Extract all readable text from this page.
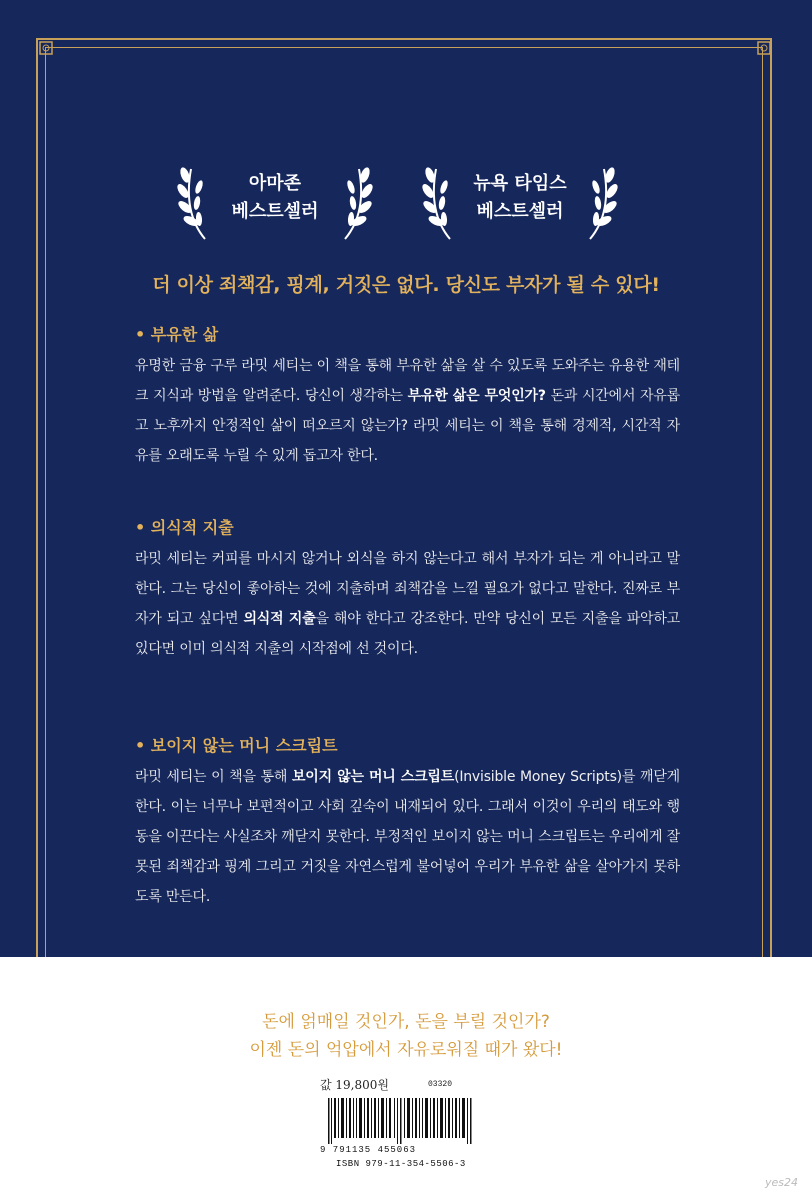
아마존
베스트셀러
뉴욕 타임스
베스트셀러
더 이상 죄책감, 핑계, 거짓은 없다. 당신도 부자가 될 수 있다!
• 부유한 삶
유명한 금융 구루 라밋 세티는 이 책을 통해 부유한 삶을 살 수 있도록 도와주는 유용한 재테크 지식과 방법을 알려준다. 당신이 생각하는 부유한 삶은 무엇인가? 돈과 시간에서 자유롭고 노후까지 안정적인 삶이 떠오르지 않는가? 라밋 세티는 이 책을 통해 경제적, 시간적 자유를 오래도록 누릴 수 있게 돕고자 한다.
• 의식적 지출
라밋 세티는 커피를 마시지 않거나 외식을 하지 않는다고 해서 부자가 되는 게 아니라고 말한다. 그는 당신이 좋아하는 것에 지출하며 죄책감을 느낄 필요가 없다고 말한다. 진짜로 부자가 되고 싶다면 의식적 지출을 해야 한다고 강조한다. 만약 당신이 모든 지출을 파악하고 있다면 이미 의식적 지출의 시작점에 선 것이다.
• 보이지 않는 머니 스크립트
라밋 세티는 이 책을 통해 보이지 않는 머니 스크립트(Invisible Money Scripts)를 깨닫게 한다. 이는 너무나 보편적이고 사회 깊숙이 내재되어 있다. 그래서 이것이 우리의 태도와 행동을 이끈다는 사실조차 깨닫지 못한다. 부정적인 보이지 않는 머니 스크립트는 우리에게 잘못된 죄책감과 핑계 그리고 거짓을 자연스럽게 불어넣어 우리가 부유한 삶을 살아가지 못하도록 만든다.
돈에 얽매일 것인가, 돈을 부릴 것인가?
이젠 돈의 억압에서 자유로워질 때가 왔다!
값 19,800원	03320
9 791135 455063
ISBN 979-11-354-5506-3
yes24
